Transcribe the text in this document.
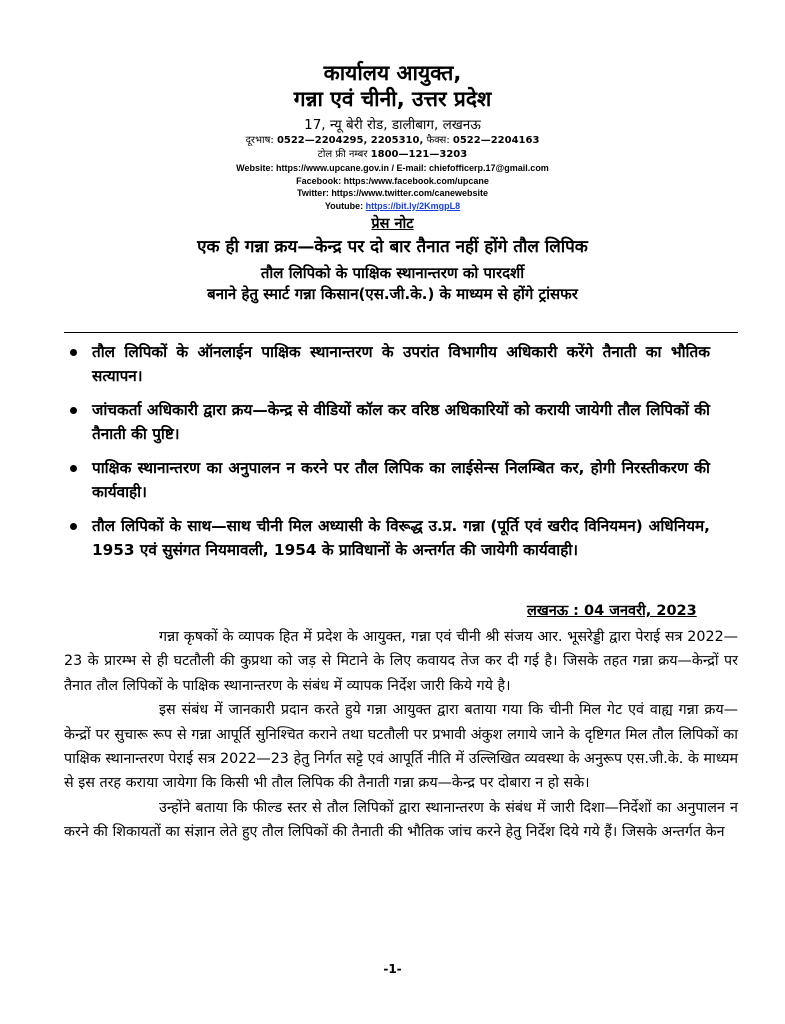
कार्यालय आयुक्त,

गन्ना एवं चीनी, उत्तर प्रदेश

17, न्यू बेरी रोड, डालीबाग, लखनऊ

दूरभाष: 0522—2204295, 2205310, फैक्स: 0522—2204163

टोल फ्री नम्बर 1800—121—3203

Website: https://www.upcane.gov.in / E-mail: chiefofficerp.17@gmail.com

Facebook: https:/www.facebook.com/upcane

Twitter: https://www.twitter.com/canewebsite

Youtube: https://bit.ly/2KmgpL8

प्रेस नोट

एक ही गन्ना क्रय—केन्द्र पर दो बार तैनात नहीं होंगे तौल लिपिक

तौल लिपिको के पाक्षिक स्थानान्तरण को पारदर्शी

बनाने हेतु स्मार्ट गन्ना किसान(एस.जी.के.) के माध्यम से होंगे ट्रांसफर

तौल लिपिकों के ऑनलाईन पाक्षिक स्थानान्तरण के उपरांत विभागीय अधिकारी करेंगे तैनाती का भौतिक सत्यापन।
जांचकर्ता अधिकारी द्वारा क्रय—केन्द्र से वीडियों कॉल कर वरिष्ठ अधिकारियों को करायी जायेगी तौल लिपिकों की तैनाती की पुष्टि।
पाक्षिक स्थानान्तरण का अनुपालन न करने पर तौल लिपिक का लाईसेन्स निलम्बित कर, होगी निरस्तीकरण की कार्यवाही।
तौल लिपिकों के साथ—साथ चीनी मिल अध्यासी के विरूद्ध उ.प्र. गन्ना (पूर्ति एवं खरीद विनियमन) अधिनियम, 1953 एवं सुसंगत नियमावली, 1954 के प्राविधानों के अन्तर्गत की जायेगी कार्यवाही।
लखनऊ : 04 जनवरी, 2023

गन्ना कृषकों के व्यापक हित में प्रदेश के आयुक्त, गन्ना एवं चीनी श्री संजय आर. भूसरेड्डी द्वारा पेराई सत्र 2022—23 के प्रारम्भ से ही घटतौली की कुप्रथा को जड़ से मिटाने के लिए कवायद तेज कर दी गई है। जिसके तहत गन्ना क्रय—केन्द्रों पर तैनात तौल लिपिकों के पाक्षिक स्थानान्तरण के संबंध में व्यापक निर्देश जारी किये गये है।

इस संबंध में जानकारी प्रदान करते हुये गन्ना आयुक्त द्वारा बताया गया कि चीनी मिल गेट एवं वाह्य गन्ना क्रय—केन्द्रों पर सुचारू रूप से गन्ना आपूर्ति सुनिश्चित कराने तथा घटतौली पर प्रभावी अंकुश लगाये जाने के दृष्टिगत मिल तौल लिपिकों का पाक्षिक स्थानान्तरण पेराई सत्र 2022—23 हेतु निर्गत सट्टे एवं आपूर्ति नीति में उल्लिखित व्यवस्था के अनुरूप एस.जी.के. के माध्यम से इस तरह कराया जायेगा कि किसी भी तौल लिपिक की तैनाती गन्ना क्रय—केन्द्र पर दोबारा न हो सके।

उन्होंने बताया कि फील्ड स्तर से तौल लिपिकों द्वारा स्थानान्तरण के संबंध में जारी दिशा—निर्देशों का अनुपालन न करने की शिकायतों का संज्ञान लेते हुए तौल लिपिकों की तैनाती की भौतिक जांच करने हेतु निर्देश दिये गये हैं। जिसके अन्तर्गत केन

-1-
